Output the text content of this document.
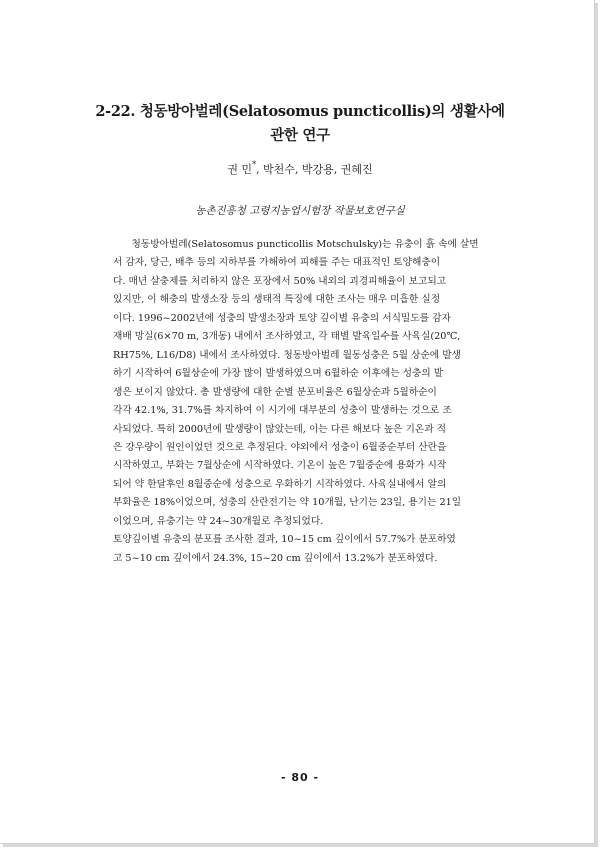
2-22. 청동방아벌레(Selatosomus puncticollis)의 생활사에
관한 연구
권 민*, 박천수, 박강용, 권혜진
농촌진흥청 고령지농업시험장 작물보호연구실
청동방아벌레(Selatosomus puncticollis Motschulsky)는 유충이 흙 속에 살면
서 감자, 당근, 배추 등의 지하부를 가해하여 피해를 주는 대표적인 토양해충이
다. 매년 살충제를 처리하지 않은 포장에서 50% 내외의 괴경피해율이 보고되고
있지만, 이 해충의 발생소장 등의 생태적 특징에 대한 조사는 매우 미흡한 실정
이다. 1996~2002년에 성충의 발생소장과 토양 깊이별 유충의 서식밀도를 감자
재배 망실(6×70 m, 3개동) 내에서 조사하였고, 각 태별 발육일수를 사육실(20℃,
RH75%, L16/D8) 내에서 조사하였다. 청동방아벌레 월동성충은 5월 상순에 발생
하기 시작하여 6월상순에 가장 많이 발생하였으며 6월하순 이후에는 성충의 발
생은 보이지 않았다. 총 발생량에 대한 순별 분포비율은 6월상순과 5월하순이
각각 42.1%, 31.7%를 차지하여 이 시기에 대부분의 성충이 발생하는 것으로 조
사되었다. 특히 2000년에 발생량이 많았는데, 이는 다른 해보다 높은 기온과 적
은 강우량이 원인이었던 것으로 추정된다. 야외에서 성충이 6월중순부터 산란을
시작하였고, 부화는 7월상순에 시작하였다. 기온이 높은 7월중순에 용화가 시작
되어 약 한달후인 8월중순에 성충으로 우화하기 시작하였다. 사육실내에서 알의
부화율은 18%이었으며, 성충의 산란전기는 약 10개월, 난기는 23일, 용기는 21일
이었으며, 유충기는 약 24~30개월로 추정되었다.
토양깊이별 유충의 분포를 조사한 결과, 10~15 cm 깊이에서 57.7%가 분포하였
고 5~10 cm 깊이에서 24.3%, 15~20 cm 깊이에서 13.2%가 분포하였다.
- 80 -
